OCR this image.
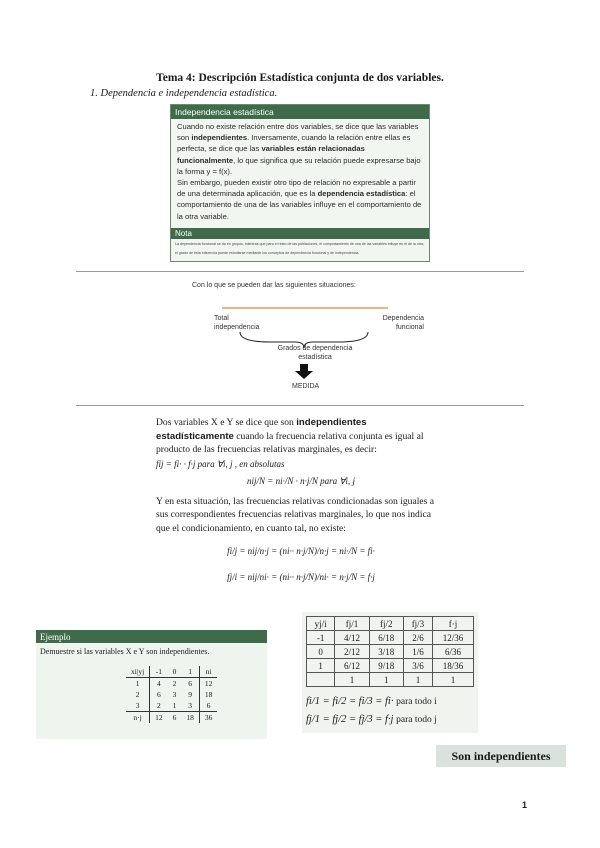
Tema 4: Descripción Estadística conjunta de dos variables.
1. Dependencia e independencia estadística.
Independencia estadística

Cuando no existe relación entre dos variables, se dice que las variables son independientes. Inversamente, cuando la relación entre ellas es perfecta, se dice que las variables están relacionadas funcionalmente, lo que significa que su relación puede expresarse bajo la forma y = f(x).

Sin embargo, pueden existir otro tipo de relación no expresable a partir de una determinada aplicación, que es la dependencia estadística: el comportamiento de una de las variables influye en el comportamiento de la otra variable.

Nota
La dependencia funcional se da en grupos, mientras que para el resto de las poblaciones, el comportamiento de una de las variables influye en el de la otra; el grado de esta influencia puede estudiarse mediante los conceptos de dependencia funcional y de independencia.
Con lo que se pueden dar las siguientes situaciones:
Total
independencia
Dependencia
funcional
Grados de dependencia
estadística
MEDIDA

Dos variables X e Y se dice que son independientes estadísticamente cuando la frecuencia relativa conjunta es igual al producto de las frecuencias relativas marginales, es decir:

fij = fi· · f·j para ∀i, j , en absolutas
nij/N = ni·/N · n·j/N para ∀i, j

Y en esta situación, las frecuencias relativas condicionadas son iguales a sus correspondientes frecuencias relativas marginales, lo que nos indica que el condicionamiento, en cuanto tal, no existe:

fi/j = nij/n·j = (ni·· n·j/N)/n·j = ni·/N = fi·
fj/i = nij/ni· = (ni·· n·j/N)/ni· = n·j/N = f·j
Ejemplo
Demuestre si las variables X e Y son independientes.
xi|yj	-1	0	1	ni
1	4	2	6	12
2	6	3	9	18
3	2	1	3	6
n·j	12	6	18	36
yj/i	fj/1	fj/2	fj/3	f·j
-1	4/12	6/18	2/6	12/36
0	2/12	3/18	1/6	6/36
1	6/12	9/18	3/6	18/36
	1	1	1	1
fi/1 = fi/2 = fi/3 = fi· para todo i
fj/1 = fj/2 = fj/3 = f·j para todo j
Son independientes
1
